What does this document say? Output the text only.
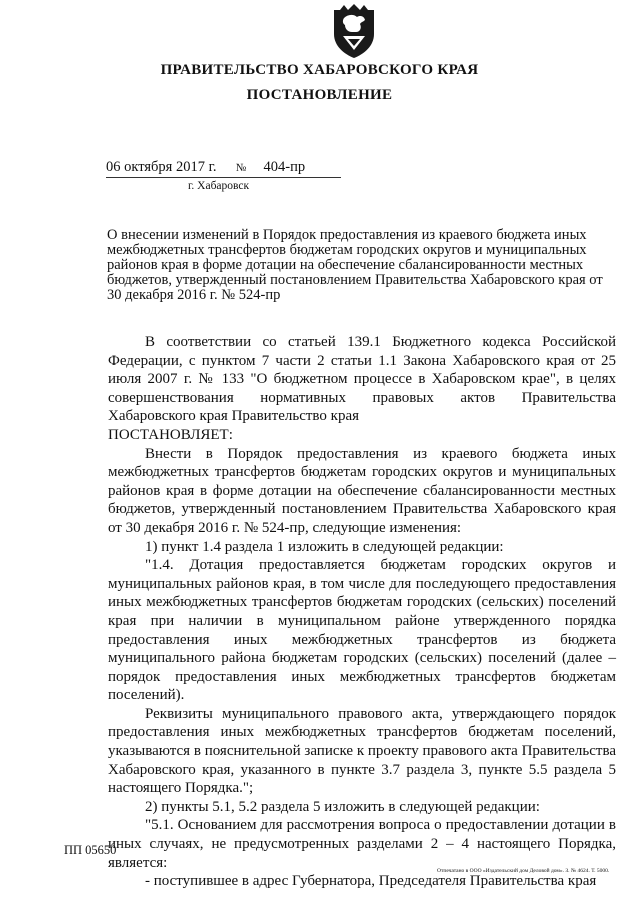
ПРАВИТЕЛЬСТВО ХАБАРОВСКОГО КРАЯ
ПОСТАНОВЛЕНИЕ
06 октября 2017 г. № 404-пр
г. Хабаровск
О внесении изменений в Порядок предоставления из краевого бюджета иных межбюджетных трансфертов бюджетам городских округов и муниципальных районов края в форме дотации на обеспечение сбалансированности местных бюджетов, утвержденный постановлением Правительства Хабаровского края от 30 декабря 2016 г. № 524-пр

В соответствии со статьей 139.1 Бюджетного кодекса Российской Федерации, с пунктом 7 части 2 статьи 1.1 Закона Хабаровского края от 25 июля 2007 г. № 133 "О бюджетном процессе в Хабаровском крае", в целях совершенствования нормативных правовых актов Правительства Хабаровского края Правительство края

ПОСТАНОВЛЯЕТ:

Внести в Порядок предоставления из краевого бюджета иных межбюджетных трансфертов бюджетам городских округов и муниципальных районов края в форме дотации на обеспечение сбалансированности местных бюджетов, утвержденный постановлением Правительства Хабаровского края от 30 декабря 2016 г. № 524-пр, следующие изменения:

1) пункт 1.4 раздела 1 изложить в следующей редакции:

"1.4. Дотация предоставляется бюджетам городских округов и муниципальных районов края, в том числе для последующего предоставления иных межбюджетных трансфертов бюджетам городских (сельских) поселений края при наличии в муниципальном районе утвержденного порядка предоставления иных межбюджетных трансфертов из бюджета муниципального района бюджетам городских (сельских) поселений (далее – порядок предоставления иных межбюджетных трансфертов бюджетам поселений).

Реквизиты муниципального правового акта, утверждающего порядок предоставления иных межбюджетных трансфертов бюджетам поселений, указываются в пояснительной записке к проекту правового акта Правительства Хабаровского края, указанного в пункте 3.7 раздела 3, пункте 5.5 раздела 5 настоящего Порядка.";

2) пункты 5.1, 5.2 раздела 5 изложить в следующей редакции:

"5.1. Основанием для рассмотрения вопроса о предоставлении дотации в иных случаях, не предусмотренных разделами 2 – 4 настоящего Порядка, является:

- поступившее в адрес Губернатора, Председателя Правительства края

ПП 05650
Отпечатано в ООО «Издательский дом Деловой дом». З. № 4624. Т. 5000.
